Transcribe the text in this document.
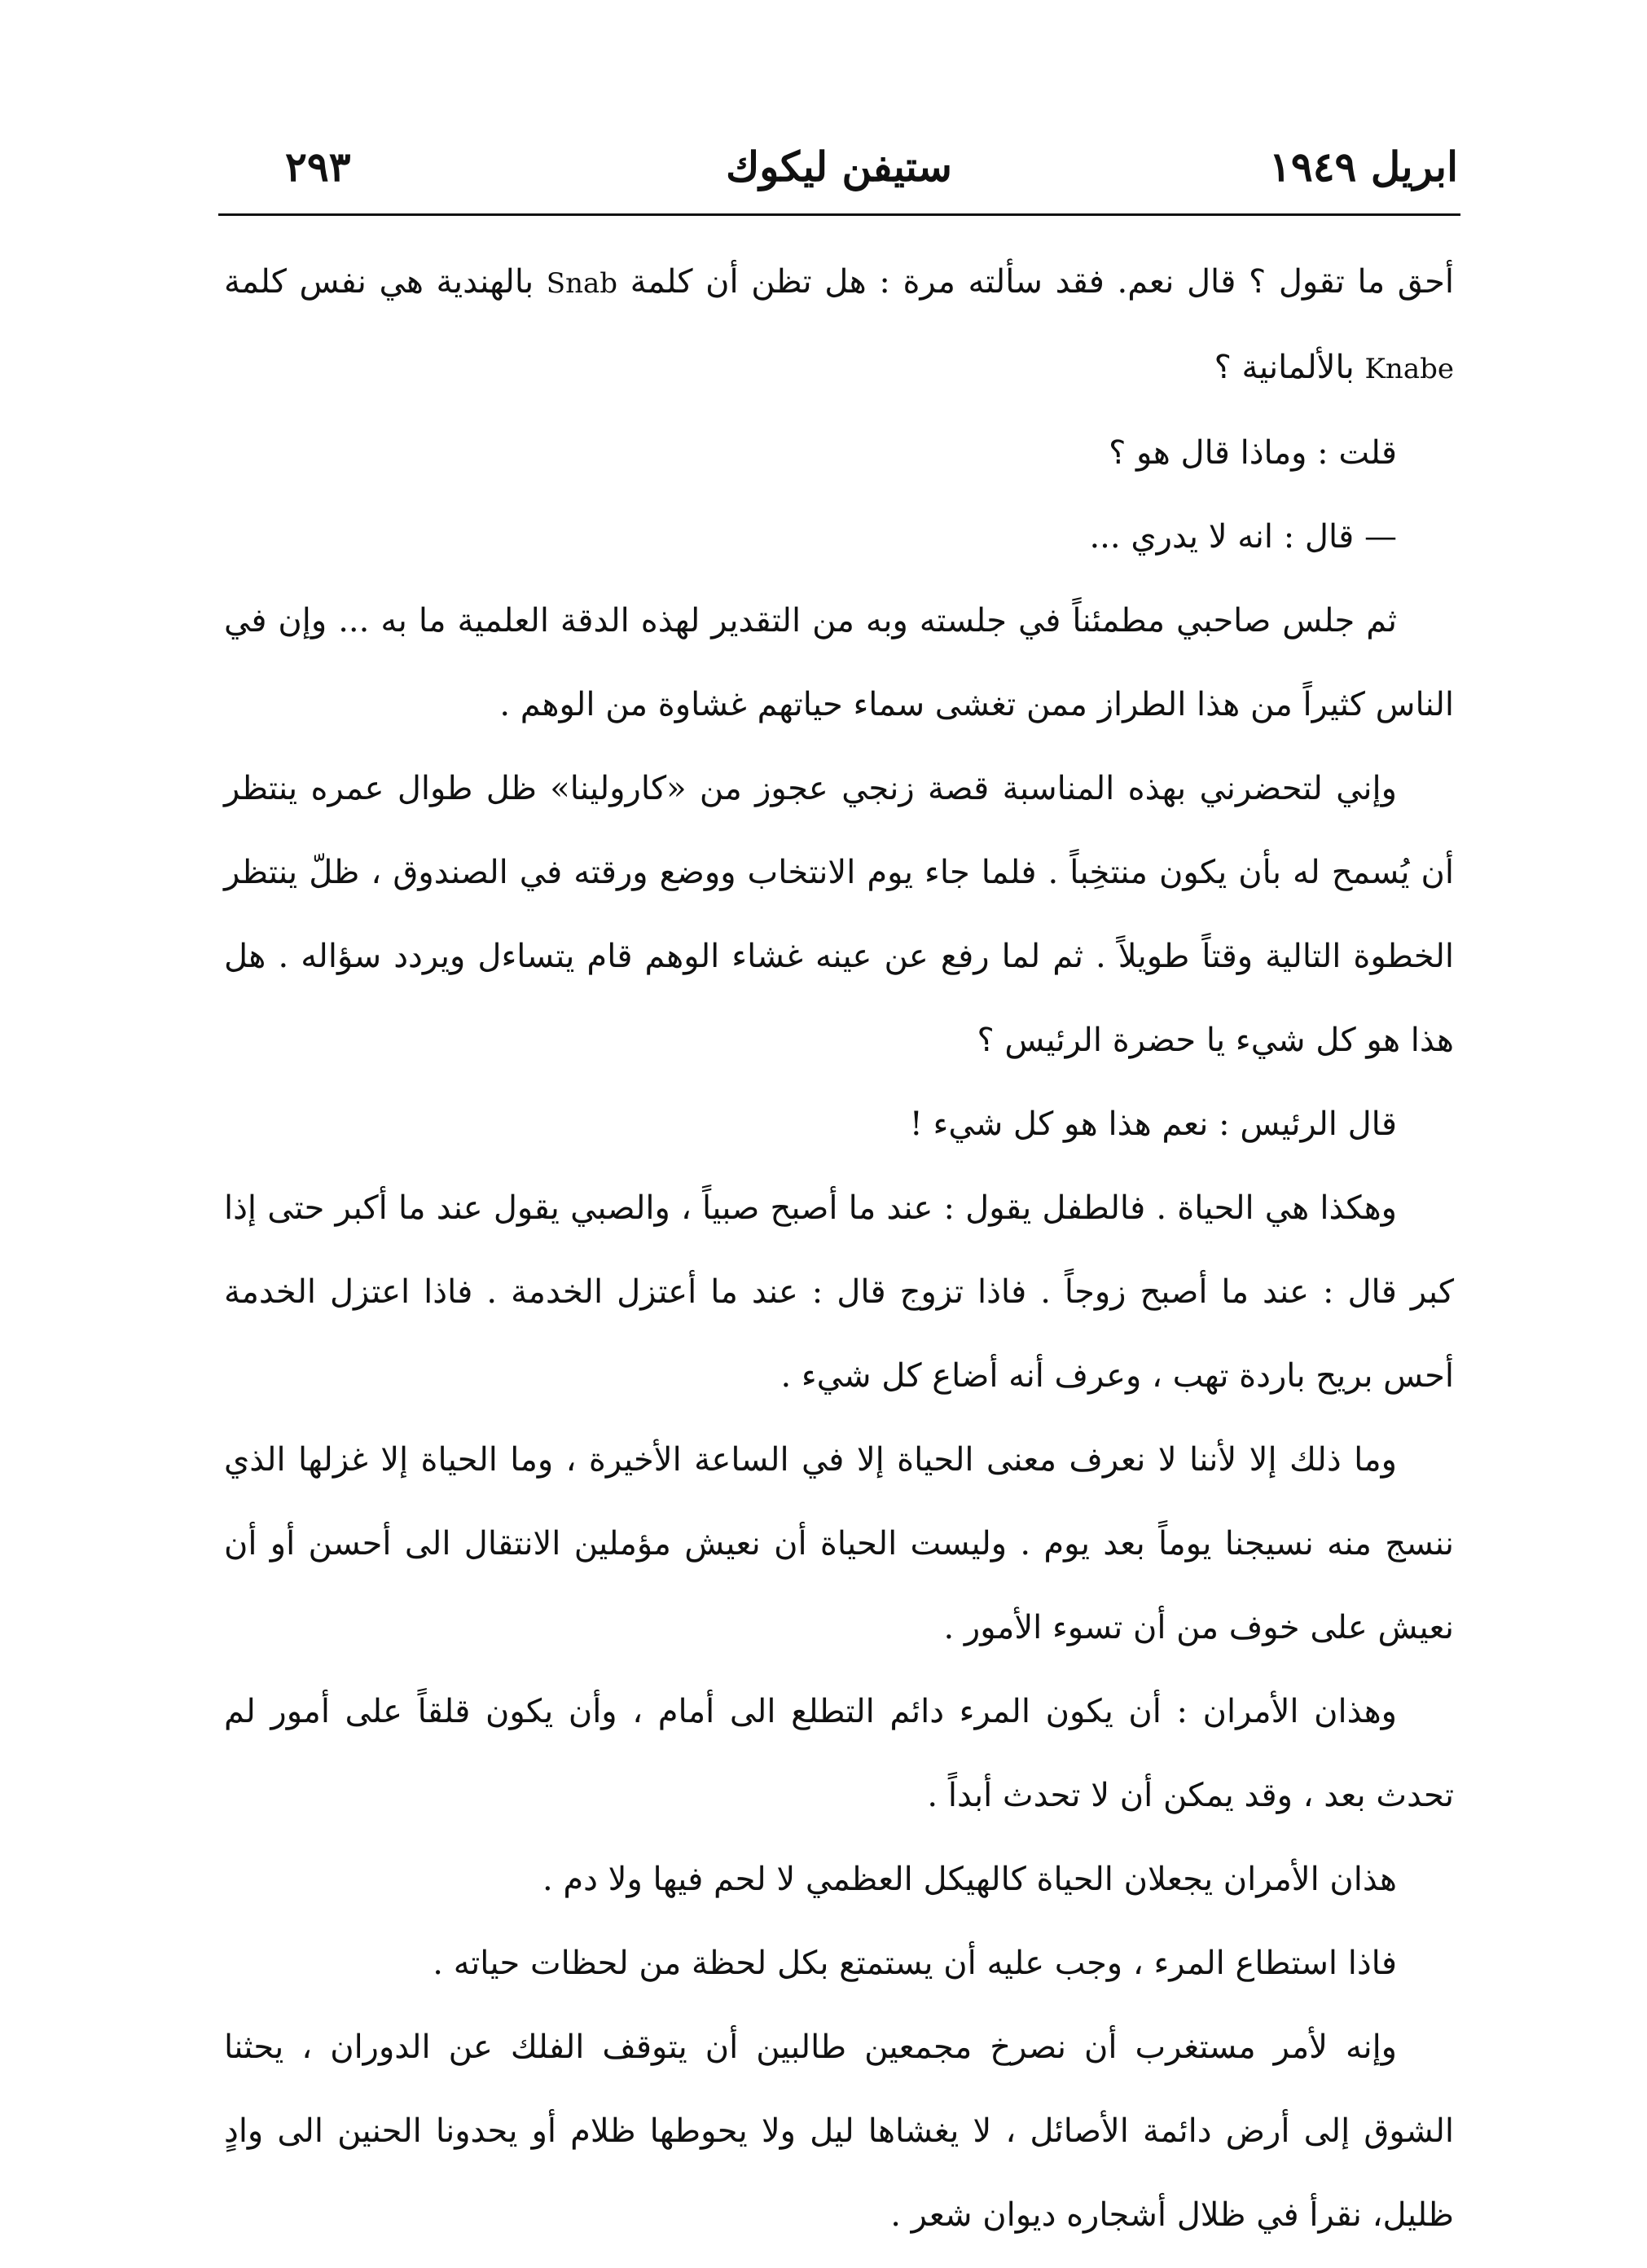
ابريل ١٩٤٩
ستيفن ليكوك
٢٩٣

أحق ما تقول ؟ قال نعم. فقد سألته مرة : هل تظن أن كلمة Snab بالهندية هي نفس كلمة Knabe بالألمانية ؟

قلت : وماذا قال هو ؟

— قال : انه لا يدري ...

ثم جلس صاحبي مطمئناً في جلسته وبه من التقدير لهذه الدقة العلمية ما به ... وإن في الناس كثيراً من هذا الطراز ممن تغشى سماء حياتهم غشاوة من الوهم .

وإني لتحضرني بهذه المناسبة قصة زنجي عجوز من «كارولينا» ظل طوال عمره ينتظر أن يُسمح له بأن يكون منتخِباً . فلما جاء يوم الانتخاب ووضع ورقته في الصندوق ، ظلّ ينتظر الخطوة التالية وقتاً طويلاً . ثم لما رفع عن عينه غشاء الوهم قام يتساءل ويردد سؤاله . هل هذا هو كل شيء يا حضرة الرئيس ؟

قال الرئيس : نعم هذا هو كل شيء !

وهكذا هي الحياة . فالطفل يقول : عند ما أصبح صبياً ، والصبي يقول عند ما أكبر حتى إذا كبر قال : عند ما أصبح زوجاً . فاذا تزوج قال : عند ما أعتزل الخدمة . فاذا اعتزل الخدمة أحس بريح باردة تهب ، وعرف أنه أضاع كل شيء .

وما ذلك إلا لأننا لا نعرف معنى الحياة إلا في الساعة الأخيرة ، وما الحياة إلا غزلها الذي ننسج منه نسيجنا يوماً بعد يوم . وليست الحياة أن نعيش مؤملين الانتقال الى أحسن أو أن نعيش على خوف من أن تسوء الأمور .

وهذان الأمران : أن يكون المرء دائم التطلع الى أمام ، وأن يكون قلقاً على أمور لم تحدث بعد ، وقد يمكن أن لا تحدث أبداً .

هذان الأمران يجعلان الحياة كالهيكل العظمي لا لحم فيها ولا دم .

فاذا استطاع المرء ، وجب عليه أن يستمتع بكل لحظة من لحظات حياته .

وإنه لأمر مستغرب أن نصرخ مجمعين طالبين أن يتوقف الفلك عن الدوران ، يحثنا الشوق إلى أرض دائمة الأصائل ، لا يغشاها ليل ولا يحوطها ظلام أو يحدونا الحنين الى وادٍ ظليل، نقرأ في ظلال أشجاره ديوان شعر .
